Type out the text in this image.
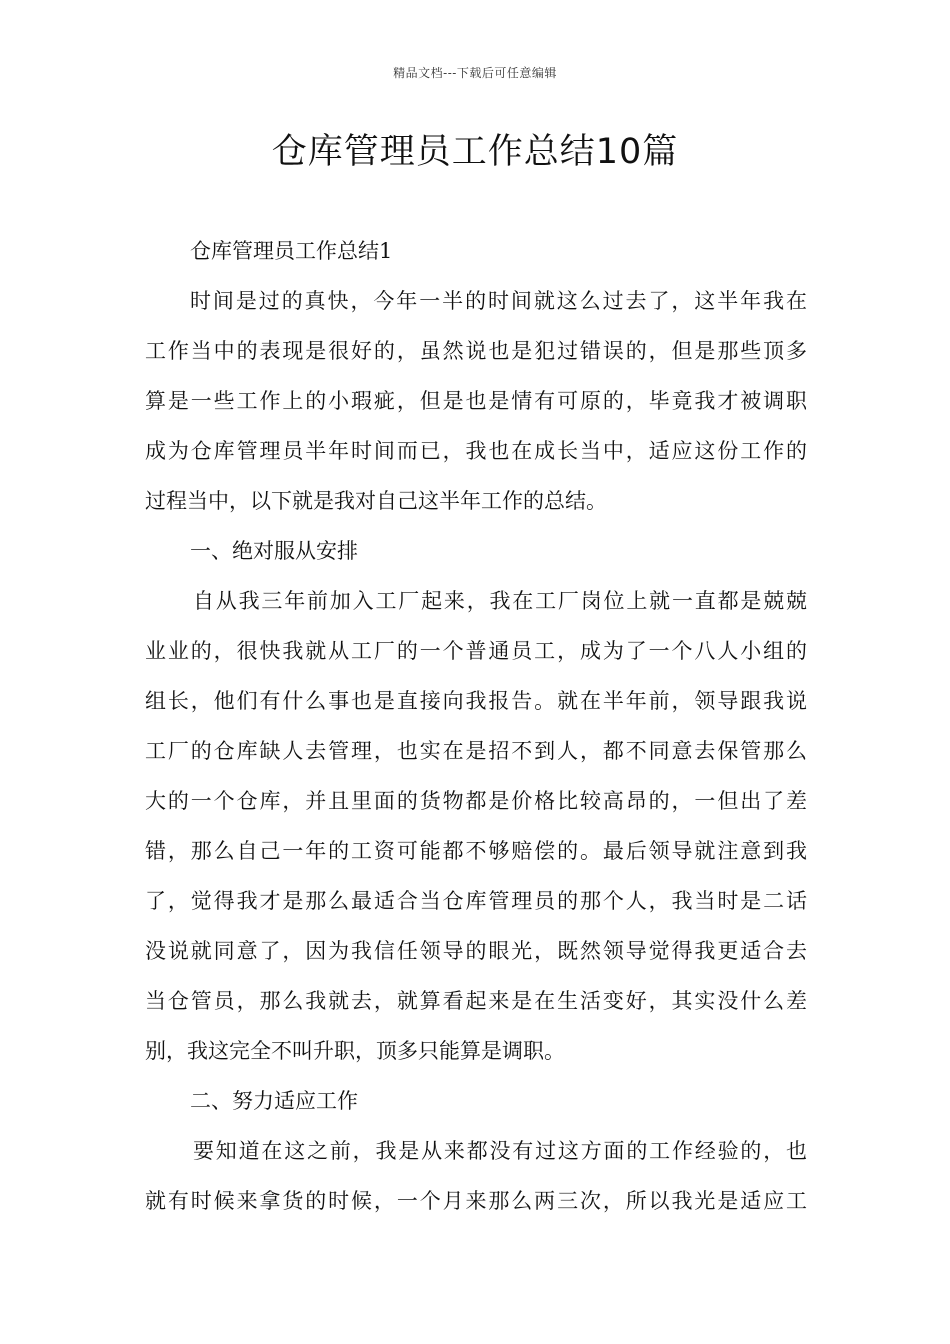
精品文档---下载后可任意编辑
仓库管理员工作总结10篇
仓库管理员工作总结1
时间是过的真快，今年一半的时间就这么过去了，这半年我在
工作当中的表现是很好的，虽然说也是犯过错误的，但是那些顶多
算是一些工作上的小瑕疵，但是也是情有可原的，毕竟我才被调职
成为仓库管理员半年时间而已，我也在成长当中，适应这份工作的
过程当中，以下就是我对自己这半年工作的总结。
一、绝对服从安排
自从我三年前加入工厂起来，我在工厂岗位上就一直都是兢兢
业业的，很快我就从工厂的一个普通员工，成为了一个八人小组的
组长，他们有什么事也是直接向我报告。就在半年前，领导跟我说
工厂的仓库缺人去管理，也实在是招不到人，都不同意去保管那么
大的一个仓库，并且里面的货物都是价格比较高昂的，一但出了差
错，那么自己一年的工资可能都不够赔偿的。最后领导就注意到我
了，觉得我才是那么最适合当仓库管理员的那个人，我当时是二话
没说就同意了，因为我信任领导的眼光，既然领导觉得我更适合去
当仓管员，那么我就去，就算看起来是在生活变好，其实没什么差
别，我这完全不叫升职，顶多只能算是调职。
二、努力适应工作
要知道在这之前，我是从来都没有过这方面的工作经验的，也
就有时候来拿货的时候，一个月来那么两三次，所以我光是适应工
